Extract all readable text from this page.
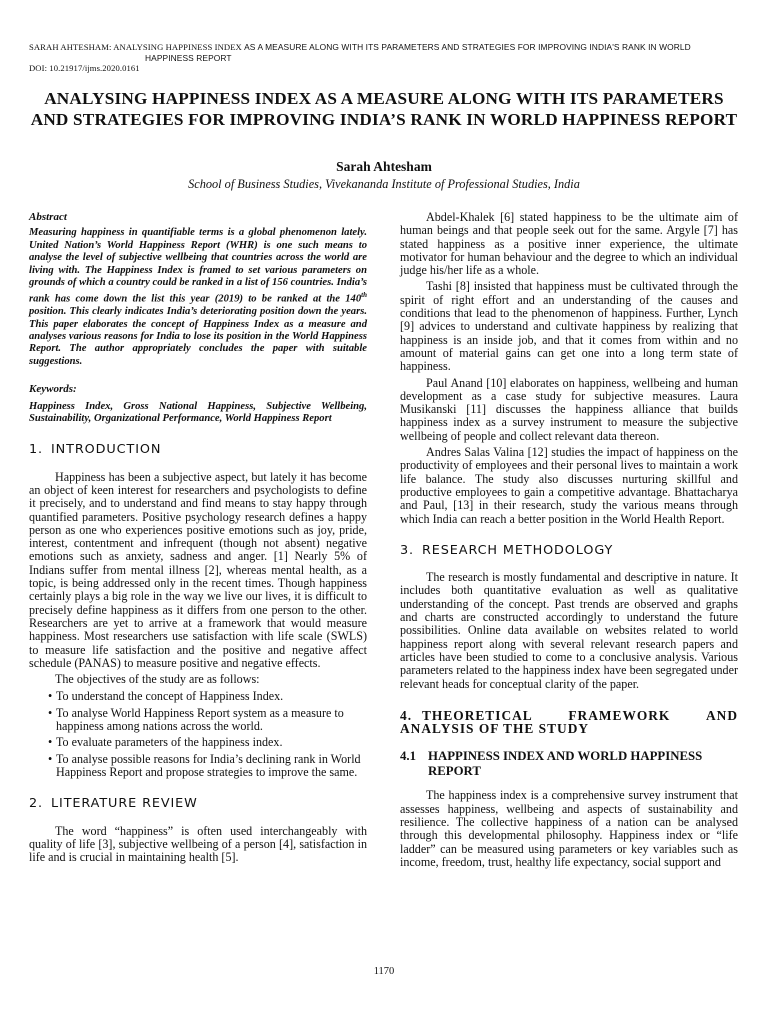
SARAH AHTESHAM: ANALYSING HAPPINESS INDEX AS A MEASURE ALONG WITH ITS PARAMETERS AND STRATEGIES FOR IMPROVING INDIA'S RANK IN WORLD
HAPPINESS REPORT
DOI: 10.21917/ijms.2020.0161
ANALYSING HAPPINESS INDEX AS A MEASURE ALONG WITH ITS PARAMETERS AND STRATEGIES FOR IMPROVING INDIA’S RANK IN WORLD HAPPINESS REPORT
Sarah Ahtesham
School of Business Studies, Vivekananda Institute of Professional Studies, India
Abstract

Measuring happiness in quantifiable terms is a global phenomenon lately. United Nation’s World Happiness Report (WHR) is one such means to analyse the level of subjective wellbeing that countries across the world are living with. The Happiness Index is framed to set various parameters on grounds of which a country could be ranked in a list of 156 countries. India’s rank has come down the list this year (2019) to be ranked at the 140th position. This clearly indicates India’s deteriorating position down the years. This paper elaborates the concept of Happiness Index as a measure and analyses various reasons for India to lose its position in the World Happiness Report. The author appropriately concludes the paper with suitable suggestions.

Keywords:

Happiness Index, Gross National Happiness, Subjective Wellbeing, Sustainability, Organizational Performance, World Happiness Report

1. INTRODUCTION

Happiness has been a subjective aspect, but lately it has become an object of keen interest for researchers and psychologists to define it precisely, and to understand and find means to stay happy through quantified parameters. Positive psychology research defines a happy person as one who experiences positive emotions such as joy, pride, interest, contentment and infrequent (though not absent) negative emotions such as anxiety, sadness and anger. [1] Nearly 5% of Indians suffer from mental illness [2], whereas mental health, as a topic, is being addressed only in the recent times. Though happiness certainly plays a big role in the way we live our lives, it is difficult to precisely define happiness as it differs from one person to the other. Researchers are yet to arrive at a framework that would measure happiness. Most researchers use satisfaction with life scale (SWLS) to measure life satisfaction and the positive and negative affect schedule (PANAS) to measure positive and negative effects.

The objectives of the study are as follows:

• To understand the concept of Happiness Index.
• To analyse World Happiness Report system as a measure to happiness among nations across the world.
• To evaluate parameters of the happiness index.
• To analyse possible reasons for India’s declining rank in World Happiness Report and propose strategies to improve the same.
2. LITERATURE REVIEW

The word “happiness” is often used interchangeably with quality of life [3], subjective wellbeing of a person [4], satisfaction in life and is crucial in maintaining health [5].

Abdel-Khalek [6] stated happiness to be the ultimate aim of human beings and that people seek out for the same. Argyle [7] has stated happiness as a positive inner experience, the ultimate motivator for human behaviour and the degree to which an individual judge his/her life as a whole.

Tashi [8] insisted that happiness must be cultivated through the spirit of right effort and an understanding of the causes and conditions that lead to the phenomenon of happiness. Further, Lynch [9] advices to understand and cultivate happiness by realizing that happiness is an inside job, and that it comes from within and no amount of material gains can get one into a long term state of happiness.

Paul Anand [10] elaborates on happiness, wellbeing and human development as a case study for subjective measures. Laura Musikanski [11] discusses the happiness alliance that builds happiness index as a survey instrument to measure the subjective wellbeing of people and collect relevant data thereon.

Andres Salas Valina [12] studies the impact of happiness on the productivity of employees and their personal lives to maintain a work life balance. The study also discusses nurturing skillful and productive employees to gain a competitive advantage. Bhattacharya and Paul, [13] in their research, study the various means through which India can reach a better position in the World Health Report.

3. RESEARCH METHODOLOGY

The research is mostly fundamental and descriptive in nature. It includes both quantitative evaluation as well as qualitative understanding of the concept. Past trends are observed and graphs and charts are constructed accordingly to understand the future possibilities. Online data available on websites related to world happiness report along with several relevant research papers and articles have been studied to come to a conclusive analysis. Various parameters related to the happiness index have been segregated under relevant heads for conceptual clarity of the paper.

4. THEORETICAL FRAMEWORK AND ANALYSIS OF THE STUDY
4.1 HAPPINESS INDEX AND WORLD HAPPINESS
REPORT

The happiness index is a comprehensive survey instrument that assesses happiness, wellbeing and aspects of sustainability and resilience. The collective happiness of a nation can be analysed through this developmental philosophy. Happiness index or “life ladder” can be measured using parameters or key variables such as income, freedom, trust, healthy life expectancy, social support and

1170
